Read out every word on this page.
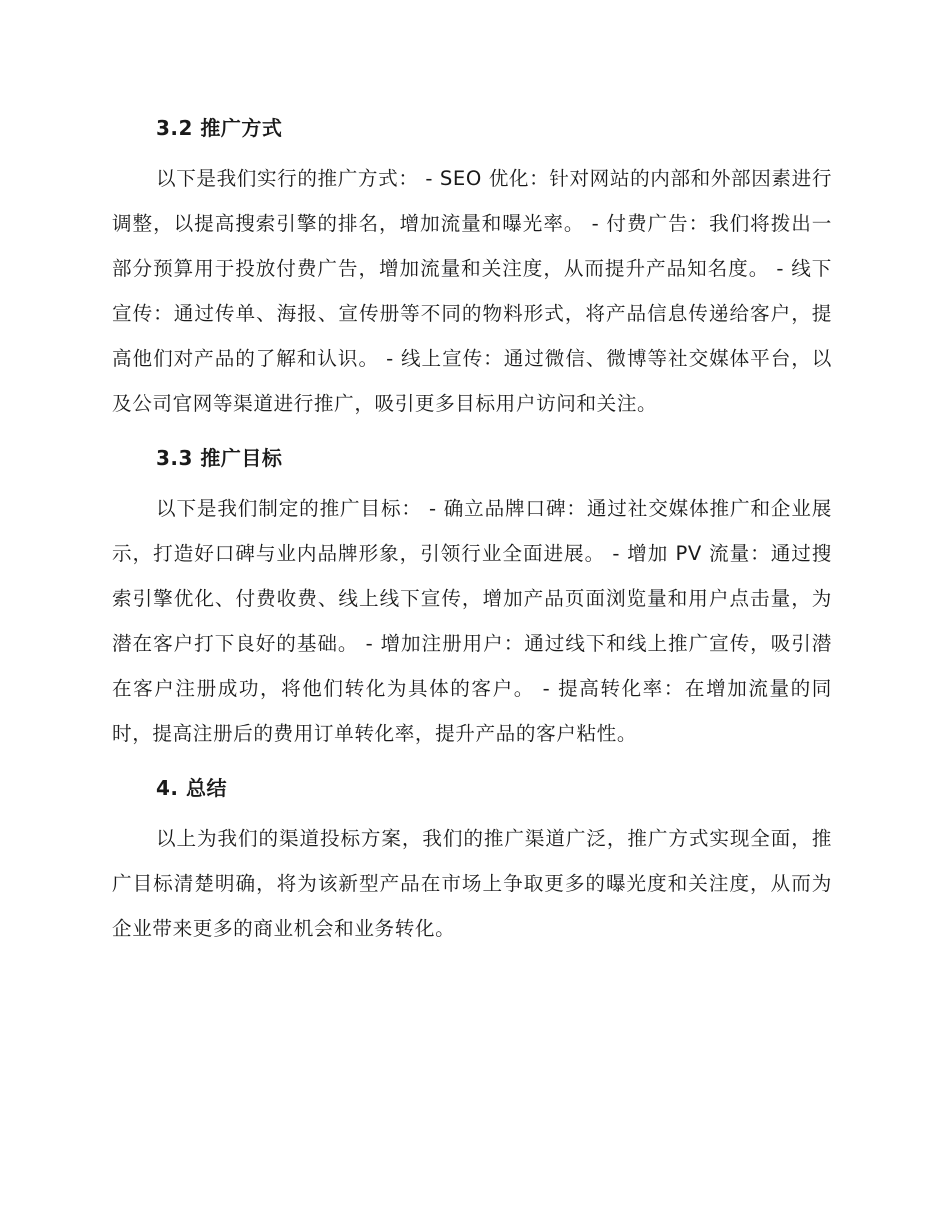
3.2 推广方式

以下是我们实行的推广方式： - SEO 优化：针对网站的内部和外部因素进行调整，以提高搜索引擎的排名，增加流量和曝光率。 - 付费广告：我们将拨出一部分预算用于投放付费广告，增加流量和关注度，从而提升产品知名度。 - 线下宣传：通过传单、海报、宣传册等不同的物料形式，将产品信息传递给客户，提高他们对产品的了解和认识。 - 线上宣传：通过微信、微博等社交媒体平台，以及公司官网等渠道进行推广，吸引更多目标用户访问和关注。

3.3 推广目标

以下是我们制定的推广目标： - 确立品牌口碑：通过社交媒体推广和企业展示，打造好口碑与业内品牌形象，引领行业全面进展。 - 增加 PV 流量：通过搜索引擎优化、付费收费、线上线下宣传，增加产品页面浏览量和用户点击量，为潜在客户打下良好的基础。 - 增加注册用户：通过线下和线上推广宣传，吸引潜在客户注册成功，将他们转化为具体的客户。 - 提高转化率：在增加流量的同时，提高注册后的费用订单转化率，提升产品的客户粘性。

4. 总结

以上为我们的渠道投标方案，我们的推广渠道广泛，推广方式实现全面，推广目标清楚明确，将为该新型产品在市场上争取更多的曝光度和关注度，从而为企业带来更多的商业机会和业务转化。
